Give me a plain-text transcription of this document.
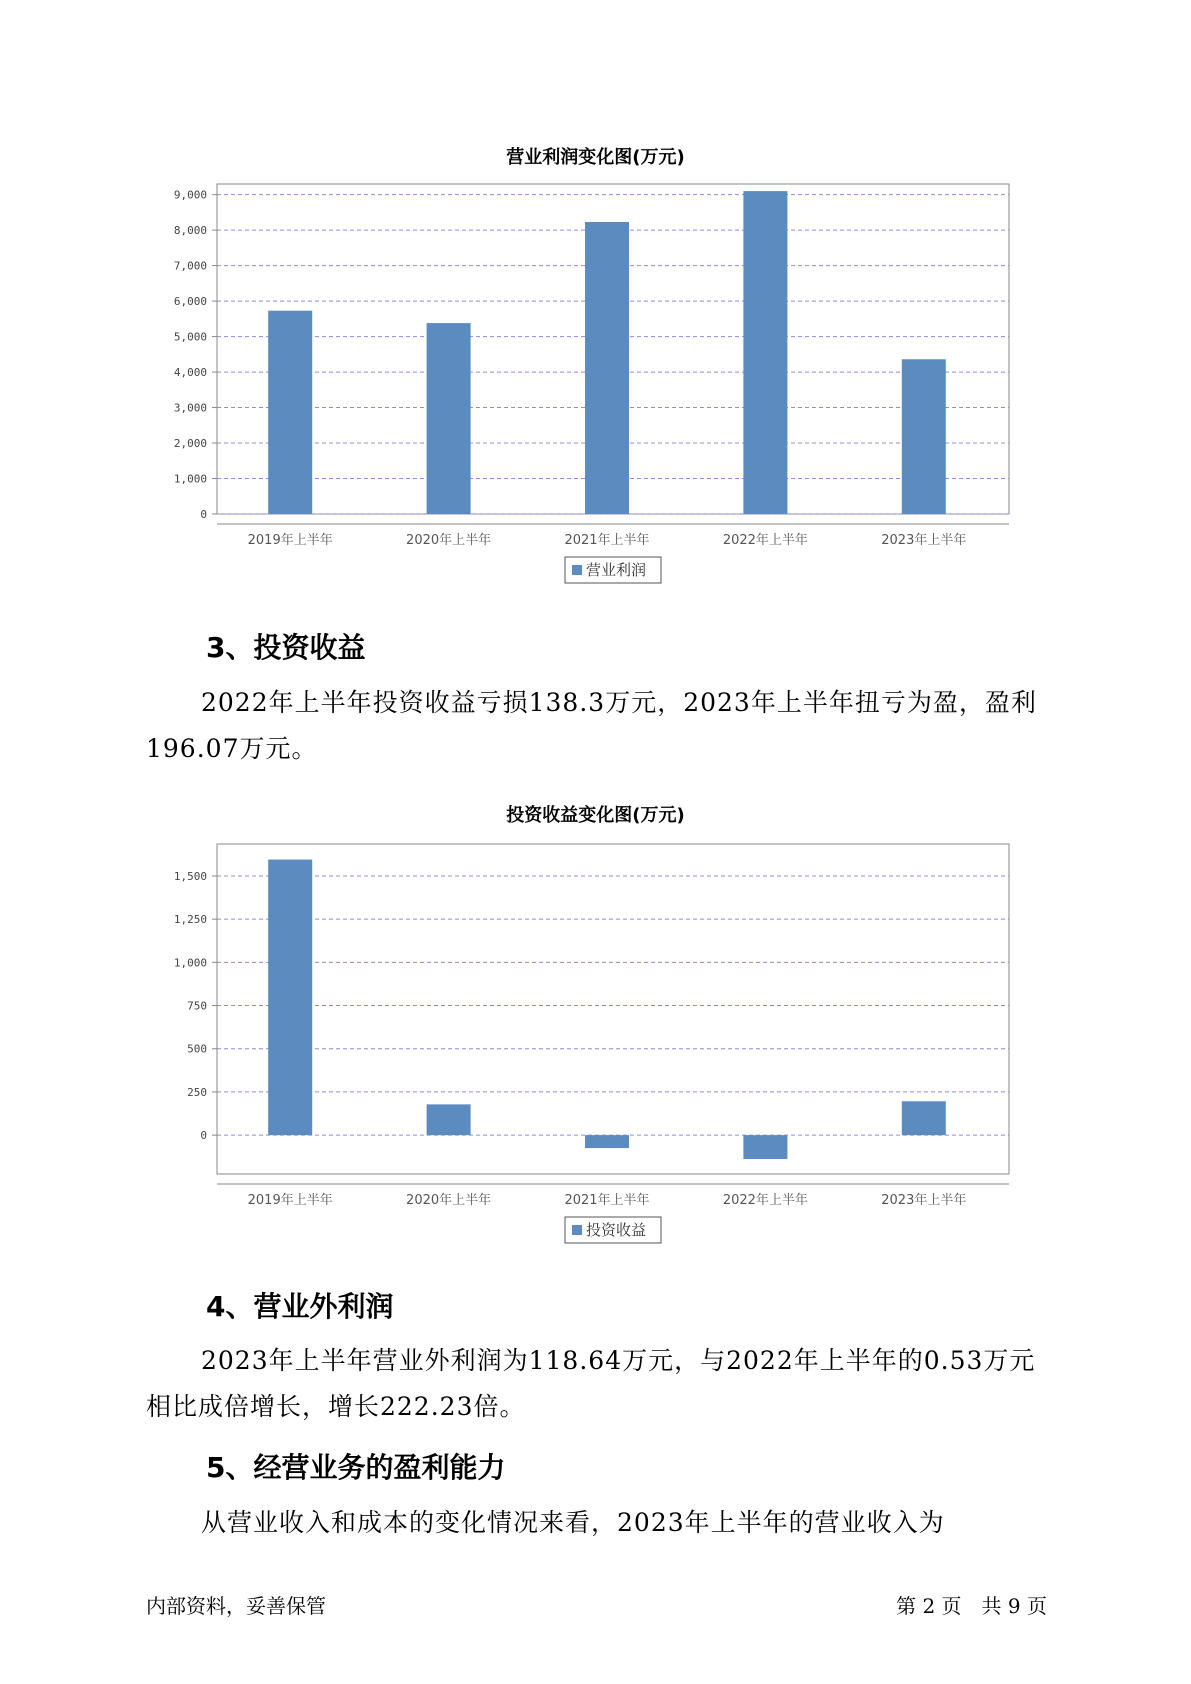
营业利润变化图(万元)
0
1,000
2,000
3,000
4,000
5,000
6,000
7,000
8,000
9,000
2019年上半年	2020年上半年	2021年上半年	2022年上半年	2023年上半年
营业利润
3、投资收益
2022年上半年投资收益亏损138.3万元，2023年上半年扭亏为盈，盈利196.07万元。
投资收益变化图(万元)
0
250
500
750
1,000
1,250
1,500
2019年上半年	2020年上半年	2021年上半年	2022年上半年	2023年上半年
投资收益
4、营业外利润
2023年上半年营业外利润为118.64万元，与2022年上半年的0.53万元相比成倍增长，增长222.23倍。
5、经营业务的盈利能力
从营业收入和成本的变化情况来看，2023年上半年的营业收入为
内部资料，妥善保管	第 2 页　共 9 页
